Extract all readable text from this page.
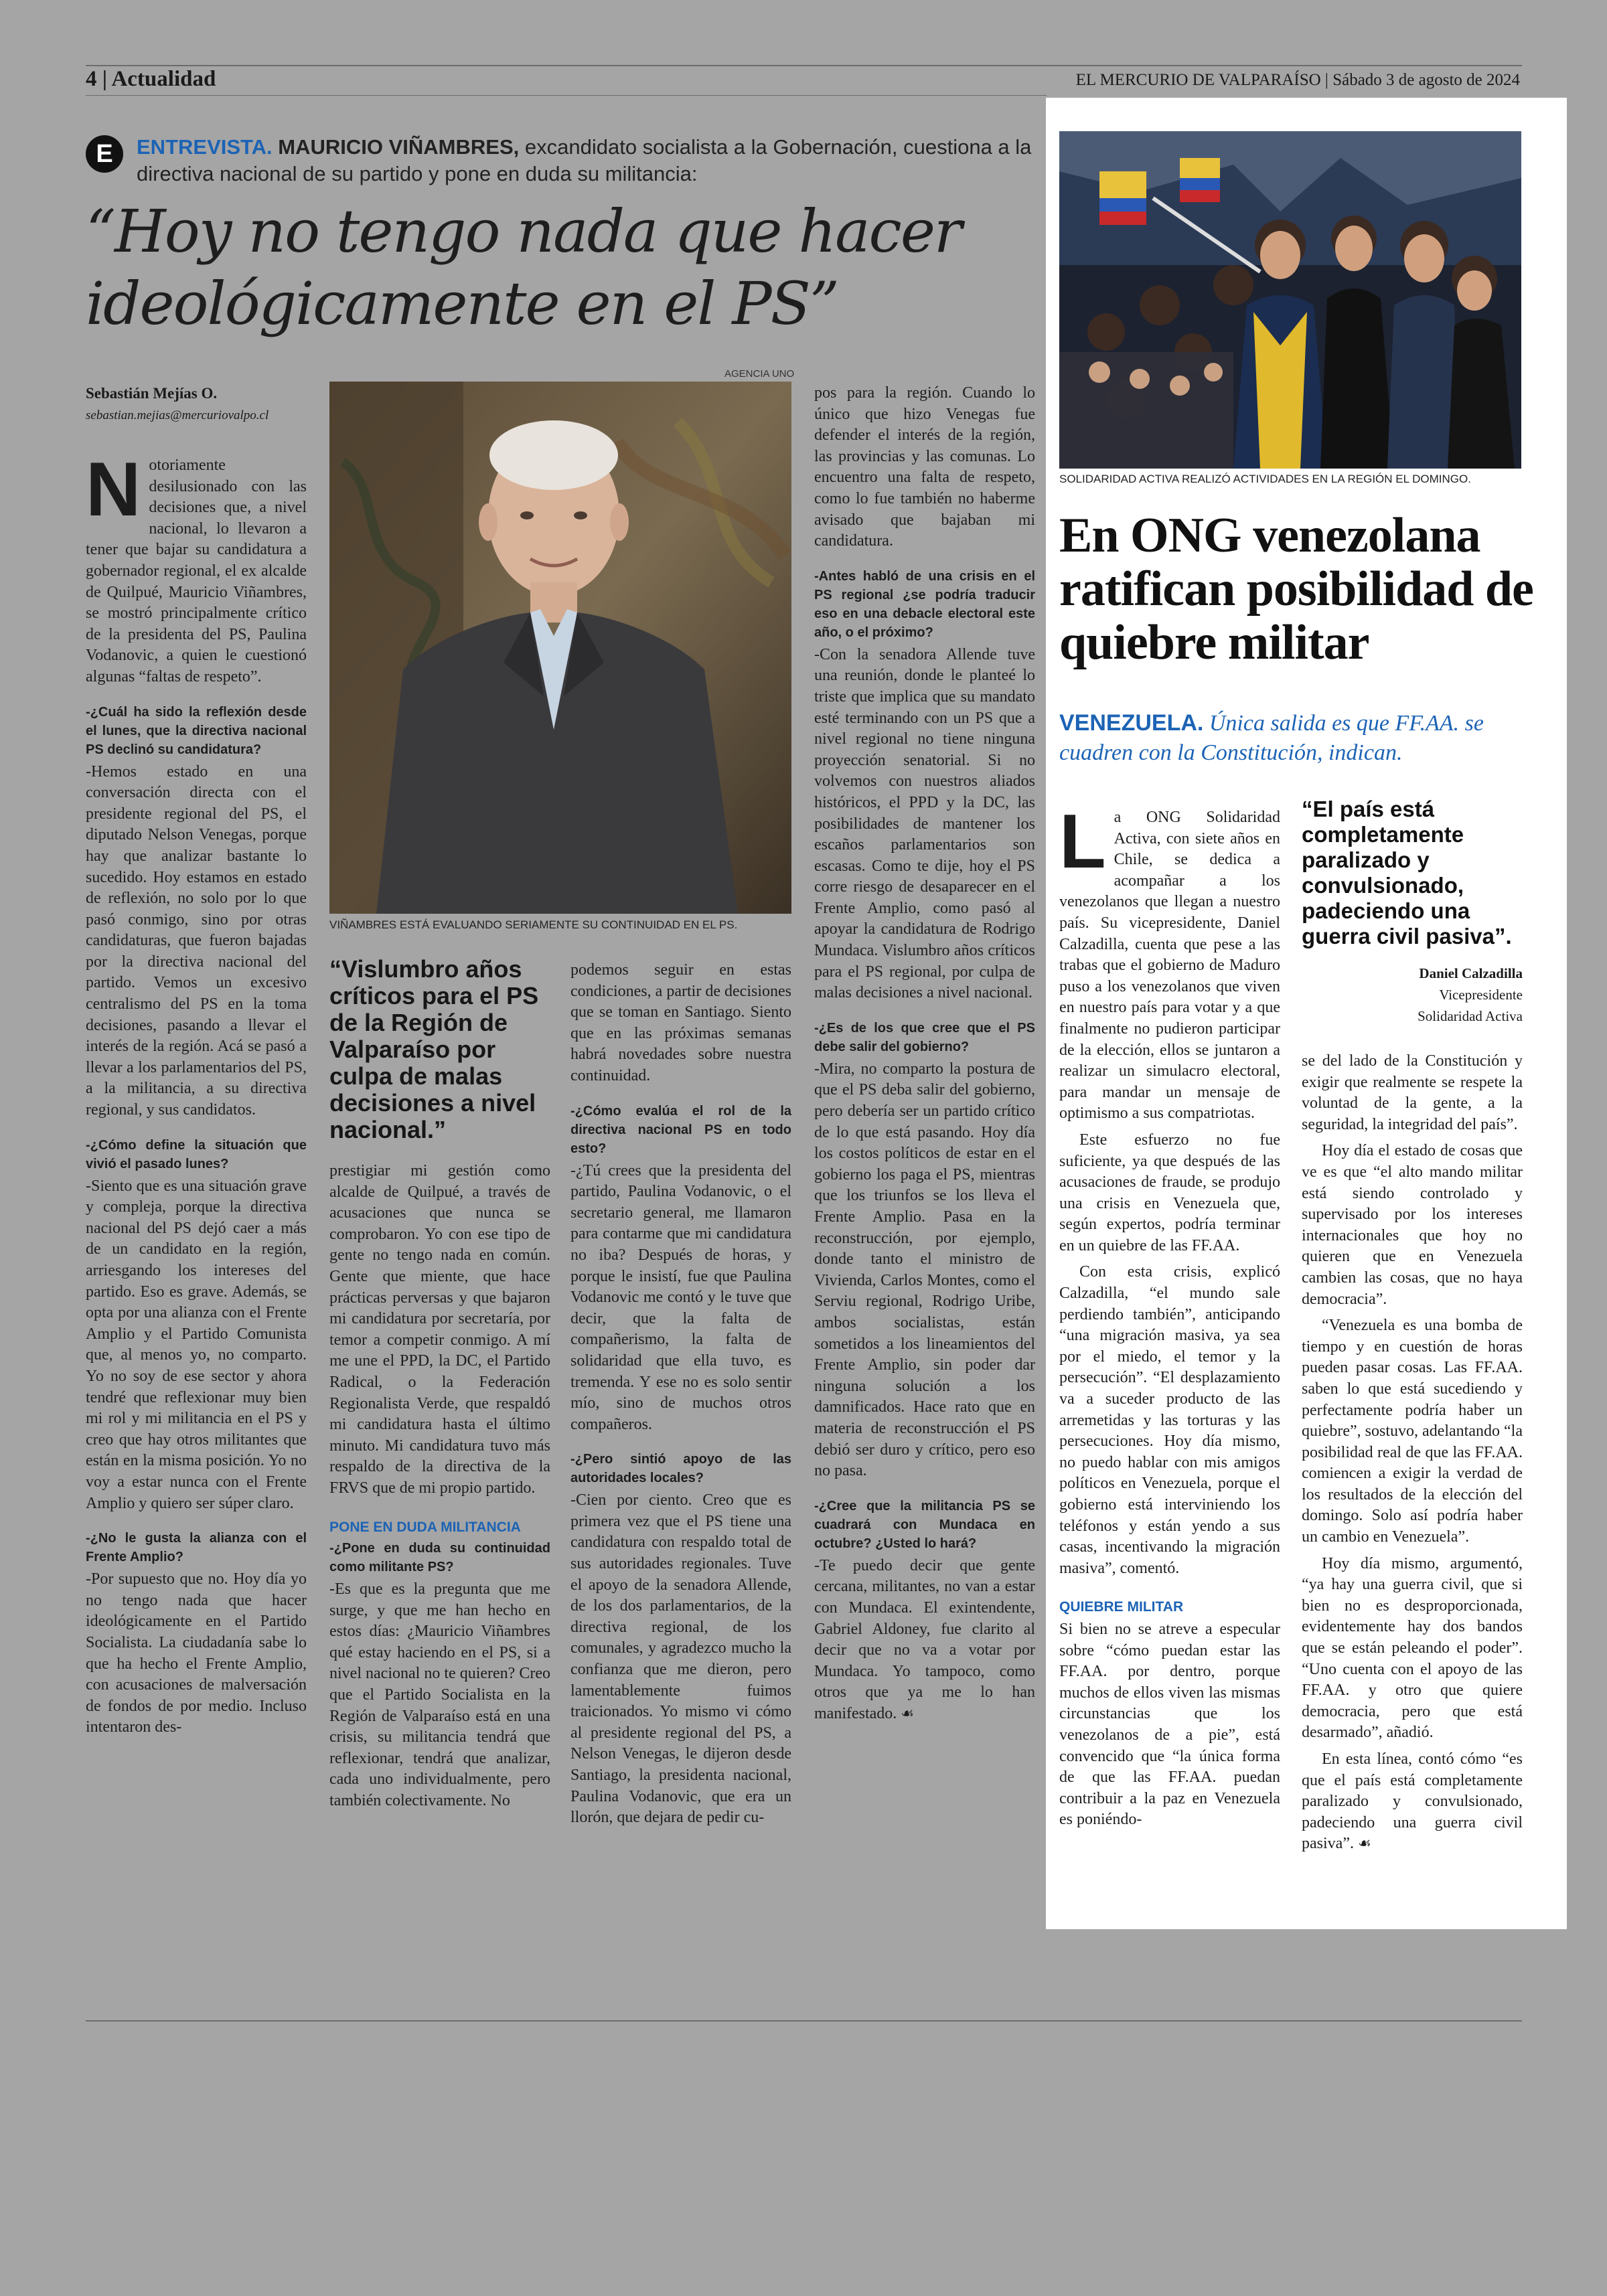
4 | Actualidad	EL MERCURIO DE VALPARAÍSO | Sábado 3 de agosto de 2024
E	ENTREVISTA. MAURICIO VIÑAMBRES, excandidato socialista a la Gobernación, cuestiona a la directiva nacional de su partido y pone en duda su militancia:
“Hoy no tengo nada que hacer ideológicamente en el PS”
Sebastián Mejías O.
sebastian.mejias@mercuriovalpo.cl
AGENCIA UNO
VIÑAMBRES ESTÁ EVALUANDO SERIAMENTE SU CONTINUIDAD EN EL PS.
“Vislumbro años críticos para el PS de la Región de Valparaíso por culpa de malas decisiones a nivel nacional.”

Notoriamente desilusionado con las decisiones que, a nivel nacional, lo llevaron a tener que bajar su candidatura a gobernador regional, el ex alcalde de Quilpué, Mauricio Viñambres, se mostró principalmente crítico de la presidenta del PS, Paulina Vodanovic, a quien le cuestionó algunas “faltas de respeto”.

-¿Cuál ha sido la reflexión desde el lunes, que la directiva nacional PS declinó su candidatura?

-Hemos estado en una conversación directa con el presidente regional del PS, el diputado Nelson Venegas, porque hay que analizar bastante lo sucedido. Hoy estamos en estado de reflexión, no solo por lo que pasó conmigo, sino por otras candidaturas, que fueron bajadas por la directiva nacional del partido. Vemos un excesivo centralismo del PS en la toma decisiones, pasando a llevar el interés de la región. Acá se pasó a llevar a los parlamentarios del PS, a la militancia, a su directiva regional, y sus candidatos.

-¿Cómo define la situación que vivió el pasado lunes?

-Siento que es una situación grave y compleja, porque la directiva nacional del PS dejó caer a más de un candidato en la región, arriesgando los intereses del partido. Eso es grave. Además, se opta por una alianza con el Frente Amplio y el Partido Comunista que, al menos yo, no comparto. Yo no soy de ese sector y ahora tendré que reflexionar muy bien mi rol y mi militancia en el PS y creo que hay otros militantes que están en la misma posición. Yo no voy a estar nunca con el Frente Amplio y quiero ser súper claro.

-¿No le gusta la alianza con el Frente Amplio?

-Por supuesto que no. Hoy día yo no tengo nada que hacer ideológicamente en el Partido Socialista. La ciudadanía sabe lo que ha hecho el Frente Amplio, con acusaciones de malversación de fondos de por medio. Incluso intentaron des-

prestigiar mi gestión como alcalde de Quilpué, a través de acusaciones que nunca se comprobaron. Yo con ese tipo de gente no tengo nada en común. Gente que miente, que hace prácticas perversas y que bajaron mi candidatura por secretaría, por temor a competir conmigo. A mí me une el PPD, la DC, el Partido Radical, o la Federación Regionalista Verde, que respaldó mi candidatura hasta el último minuto. Mi candidatura tuvo más respaldo de la directiva de la FRVS que de mi propio partido.

PONE EN DUDA MILITANCIA

-¿Pone en duda su continuidad como militante PS?

-Es que es la pregunta que me surge, y que me han hecho en estos días: ¿Mauricio Viñambres qué estay haciendo en el PS, si a nivel nacional no te quieren? Creo que el Partido Socialista en la Región de Valparaíso está en una crisis, su militancia tendrá que reflexionar, tendrá que analizar, cada uno individualmente, pero también colectivamente. No

podemos seguir en estas condiciones, a partir de decisiones que se toman en Santiago. Siento que en las próximas semanas habrá novedades sobre nuestra continuidad.

-¿Cómo evalúa el rol de la directiva nacional PS en todo esto?

-¿Tú crees que la presidenta del partido, Paulina Vodanovic, o el secretario general, me llamaron para contarme que mi candidatura no iba? Después de horas, y porque le insistí, fue que Paulina Vodanovic me contó y le tuve que decir, que la falta de compañerismo, la falta de solidaridad que ella tuvo, es tremenda. Y ese no es solo sentir mío, sino de muchos otros compañeros.

-¿Pero sintió apoyo de las autoridades locales?

-Cien por ciento. Creo que es primera vez que el PS tiene una candidatura con respaldo total de sus autoridades regionales. Tuve el apoyo de la senadora Allende, de los dos parlamentarios, de la directiva regional, de los comunales, y agradezco mucho la confianza que me dieron, pero lamentablemente fuimos traicionados. Yo mismo vi cómo al presidente regional del PS, a Nelson Venegas, le dijeron desde Santiago, la presidenta nacional, Paulina Vodanovic, que era un llorón, que dejara de pedir cu-

pos para la región. Cuando lo único que hizo Venegas fue defender el interés de la región, las provincias y las comunas. Lo encuentro una falta de respeto, como lo fue también no haberme avisado que bajaban mi candidatura.

-Antes habló de una crisis en el PS regional ¿se podría traducir eso en una debacle electoral este año, o el próximo?

-Con la senadora Allende tuve una reunión, donde le planteé lo triste que implica que su mandato esté terminando con un PS que a nivel regional no tiene ninguna proyección senatorial. Si no volvemos con nuestros aliados históricos, el PPD y la DC, las posibilidades de mantener los escaños parlamentarios son escasas. Como te dije, hoy el PS corre riesgo de desaparecer en el Frente Amplio, como pasó al apoyar la candidatura de Rodrigo Mundaca. Vislumbro años críticos para el PS regional, por culpa de malas decisiones a nivel nacional.

-¿Es de los que cree que el PS debe salir del gobierno?

-Mira, no comparto la postura de que el PS deba salir del gobierno, pero debería ser un partido crítico de lo que está pasando. Hoy día los costos políticos de estar en el gobierno los paga el PS, mientras que los triunfos se los lleva el Frente Amplio. Pasa en la reconstrucción, por ejemplo, donde tanto el ministro de Vivienda, Carlos Montes, como el Serviu regional, Rodrigo Uribe, ambos socialistas, están sometidos a los lineamientos del Frente Amplio, sin poder dar ninguna solución a los damnificados. Hace rato que en materia de reconstrucción el PS debió ser duro y crítico, pero eso no pasa.

-¿Cree que la militancia PS se cuadrará con Mundaca en octubre? ¿Usted lo hará?

-Te puedo decir que gente cercana, militantes, no van a estar con Mundaca. El exintendente, Gabriel Aldoney, fue clarito al decir que no va a votar por Mundaca. Yo tampoco, como otros que ya me lo han manifestado. ☙

SOLIDARIDAD ACTIVA REALIZÓ ACTIVIDADES EN LA REGIÓN EL DOMINGO.
En ONG venezolana ratifican posibilidad de quiebre militar
VENEZUELA. Única salida es que FF.AA. se cuadren con la Constitución, indican.
“El país está completamente paralizado y convulsionado, padeciendo una guerra civil pasiva”.
Daniel Calzadilla
Vicepresidente
Solidaridad Activa

La ONG Solidaridad Activa, con siete años en Chile, se dedica a acompañar a los venezolanos que llegan a nuestro país. Su vicepresidente, Daniel Calzadilla, cuenta que pese a las trabas que el gobierno de Maduro puso a los venezolanos que viven en nuestro país para votar y a que finalmente no pudieron participar de la elección, ellos se juntaron a realizar un simulacro electoral, para mandar un mensaje de optimismo a sus compatriotas.

Este esfuerzo no fue suficiente, ya que después de las acusaciones de fraude, se produjo una crisis en Venezuela que, según expertos, podría terminar en un quiebre de las FF.AA.

Con esta crisis, explicó Calzadilla, “el mundo sale perdiendo también”, anticipando “una migración masiva, ya sea por el miedo, el temor y la persecución”. “El desplazamiento va a suceder producto de las arremetidas y las torturas y las persecuciones. Hoy día mismo, no puedo hablar con mis amigos políticos en Venezuela, porque el gobierno está interviniendo los teléfonos y están yendo a sus casas, incentivando la migración masiva”, comentó.

QUIEBRE MILITAR

Si bien no se atreve a especular sobre “cómo puedan estar las FF.AA. por dentro, porque muchos de ellos viven las mismas circunstancias que los venezolanos de a pie”, está convencido que “la única forma de que las FF.AA. puedan contribuir a la paz en Venezuela es poniéndo-

se del lado de la Constitución y exigir que realmente se respete la voluntad de la gente, a la seguridad, la integridad del país”.

Hoy día el estado de cosas que ve es que “el alto mando militar está siendo controlado y supervisado por los intereses internacionales que hoy no quieren que en Venezuela cambien las cosas, que no haya democracia”.

“Venezuela es una bomba de tiempo y en cuestión de horas pueden pasar cosas. Las FF.AA. saben lo que está sucediendo y perfectamente podría haber un quiebre”, sostuvo, adelantando “la posibilidad real de que las FF.AA. comiencen a exigir la verdad de los resultados de la elección del domingo. Solo así podría haber un cambio en Venezuela”.

Hoy día mismo, argumentó, “ya hay una guerra civil, que si bien no es desproporcionada, evidentemente hay dos bandos que se están peleando el poder”. “Uno cuenta con el apoyo de las FF.AA. y otro que quiere democracia, pero que está desarmado”, añadió.

En esta línea, contó cómo “es que el país está completamente paralizado y convulsionado, padeciendo una guerra civil pasiva”. ☙
